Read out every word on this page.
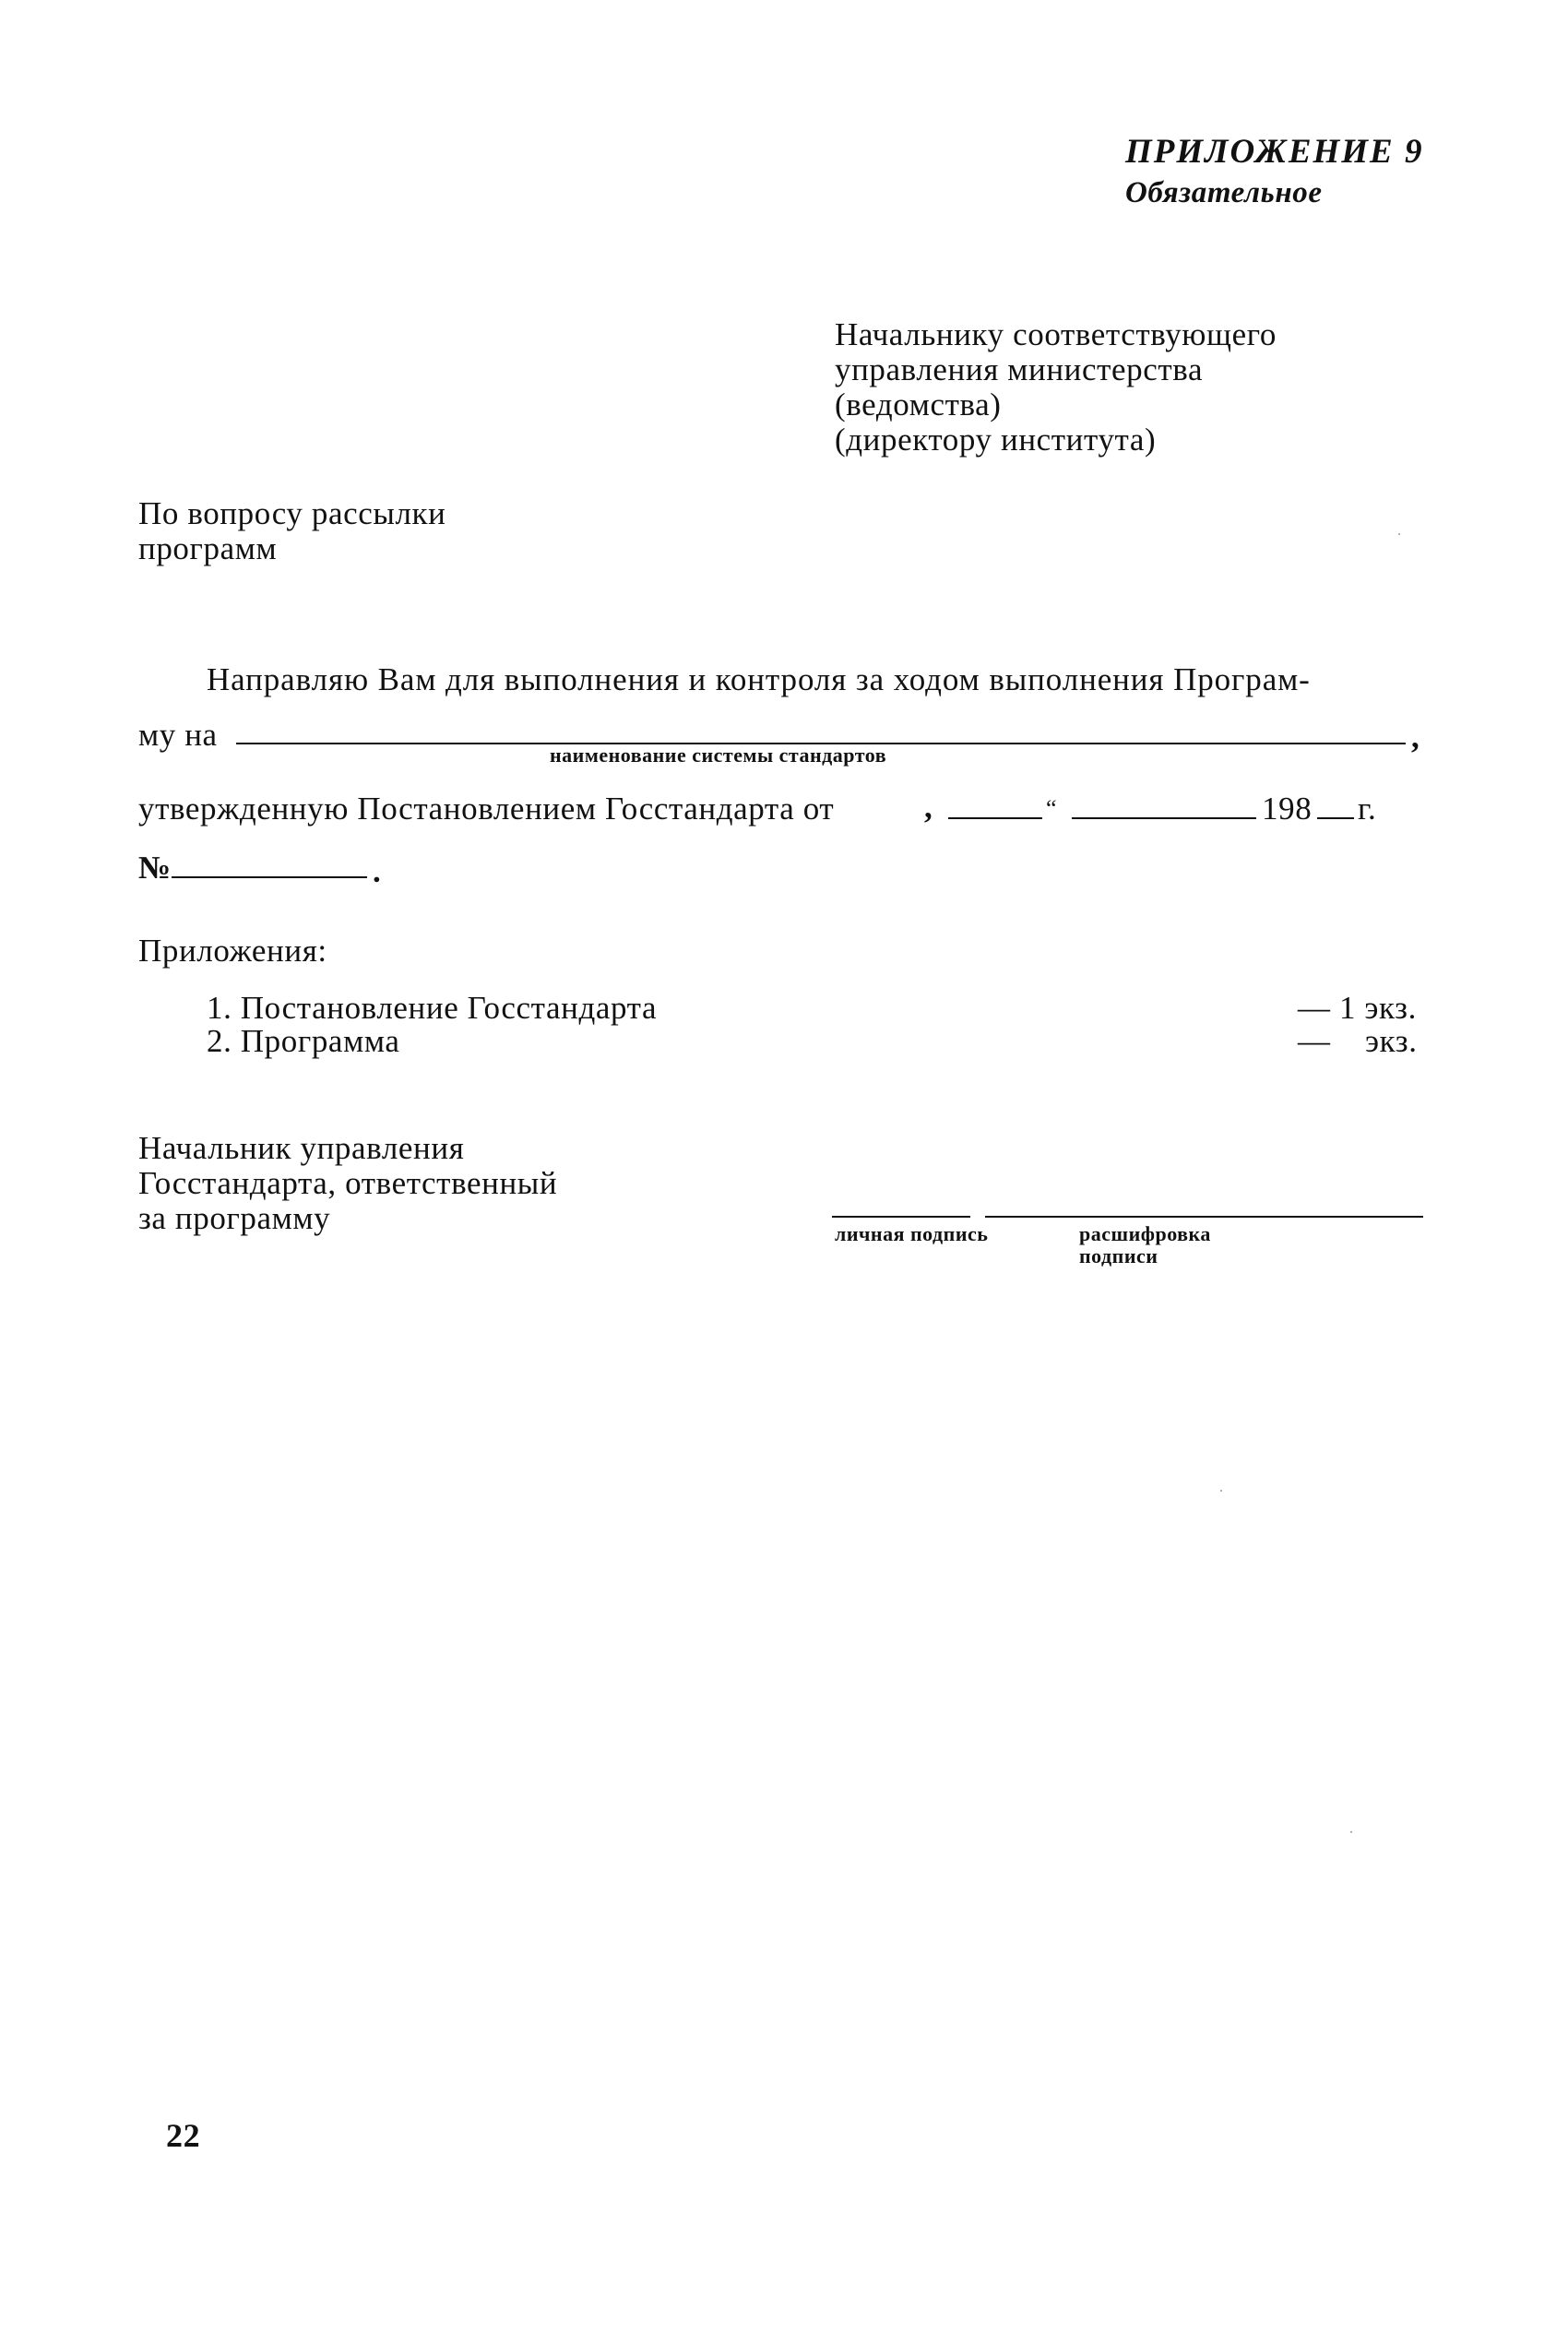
ПРИЛОЖЕНИЕ 9
Обязательное
Начальнику соответствующего
управления министерства
(ведомства)
(директору института)
По вопросу рассылки
программ
Направляю Вам для выполнения и контроля за ходом выполнения Програм-
му на	,
наименование системы стандартов
утвержденную Постановлением Госстандарта от	,	“	198 г.
№	.
Приложения:
1. Постановление Госстандарта	— 1 экз.
2. Программа	—    экз.
Начальник управления
Госстандарта, ответственный
за программу	личная подпись	расшифровка
подписи
22
